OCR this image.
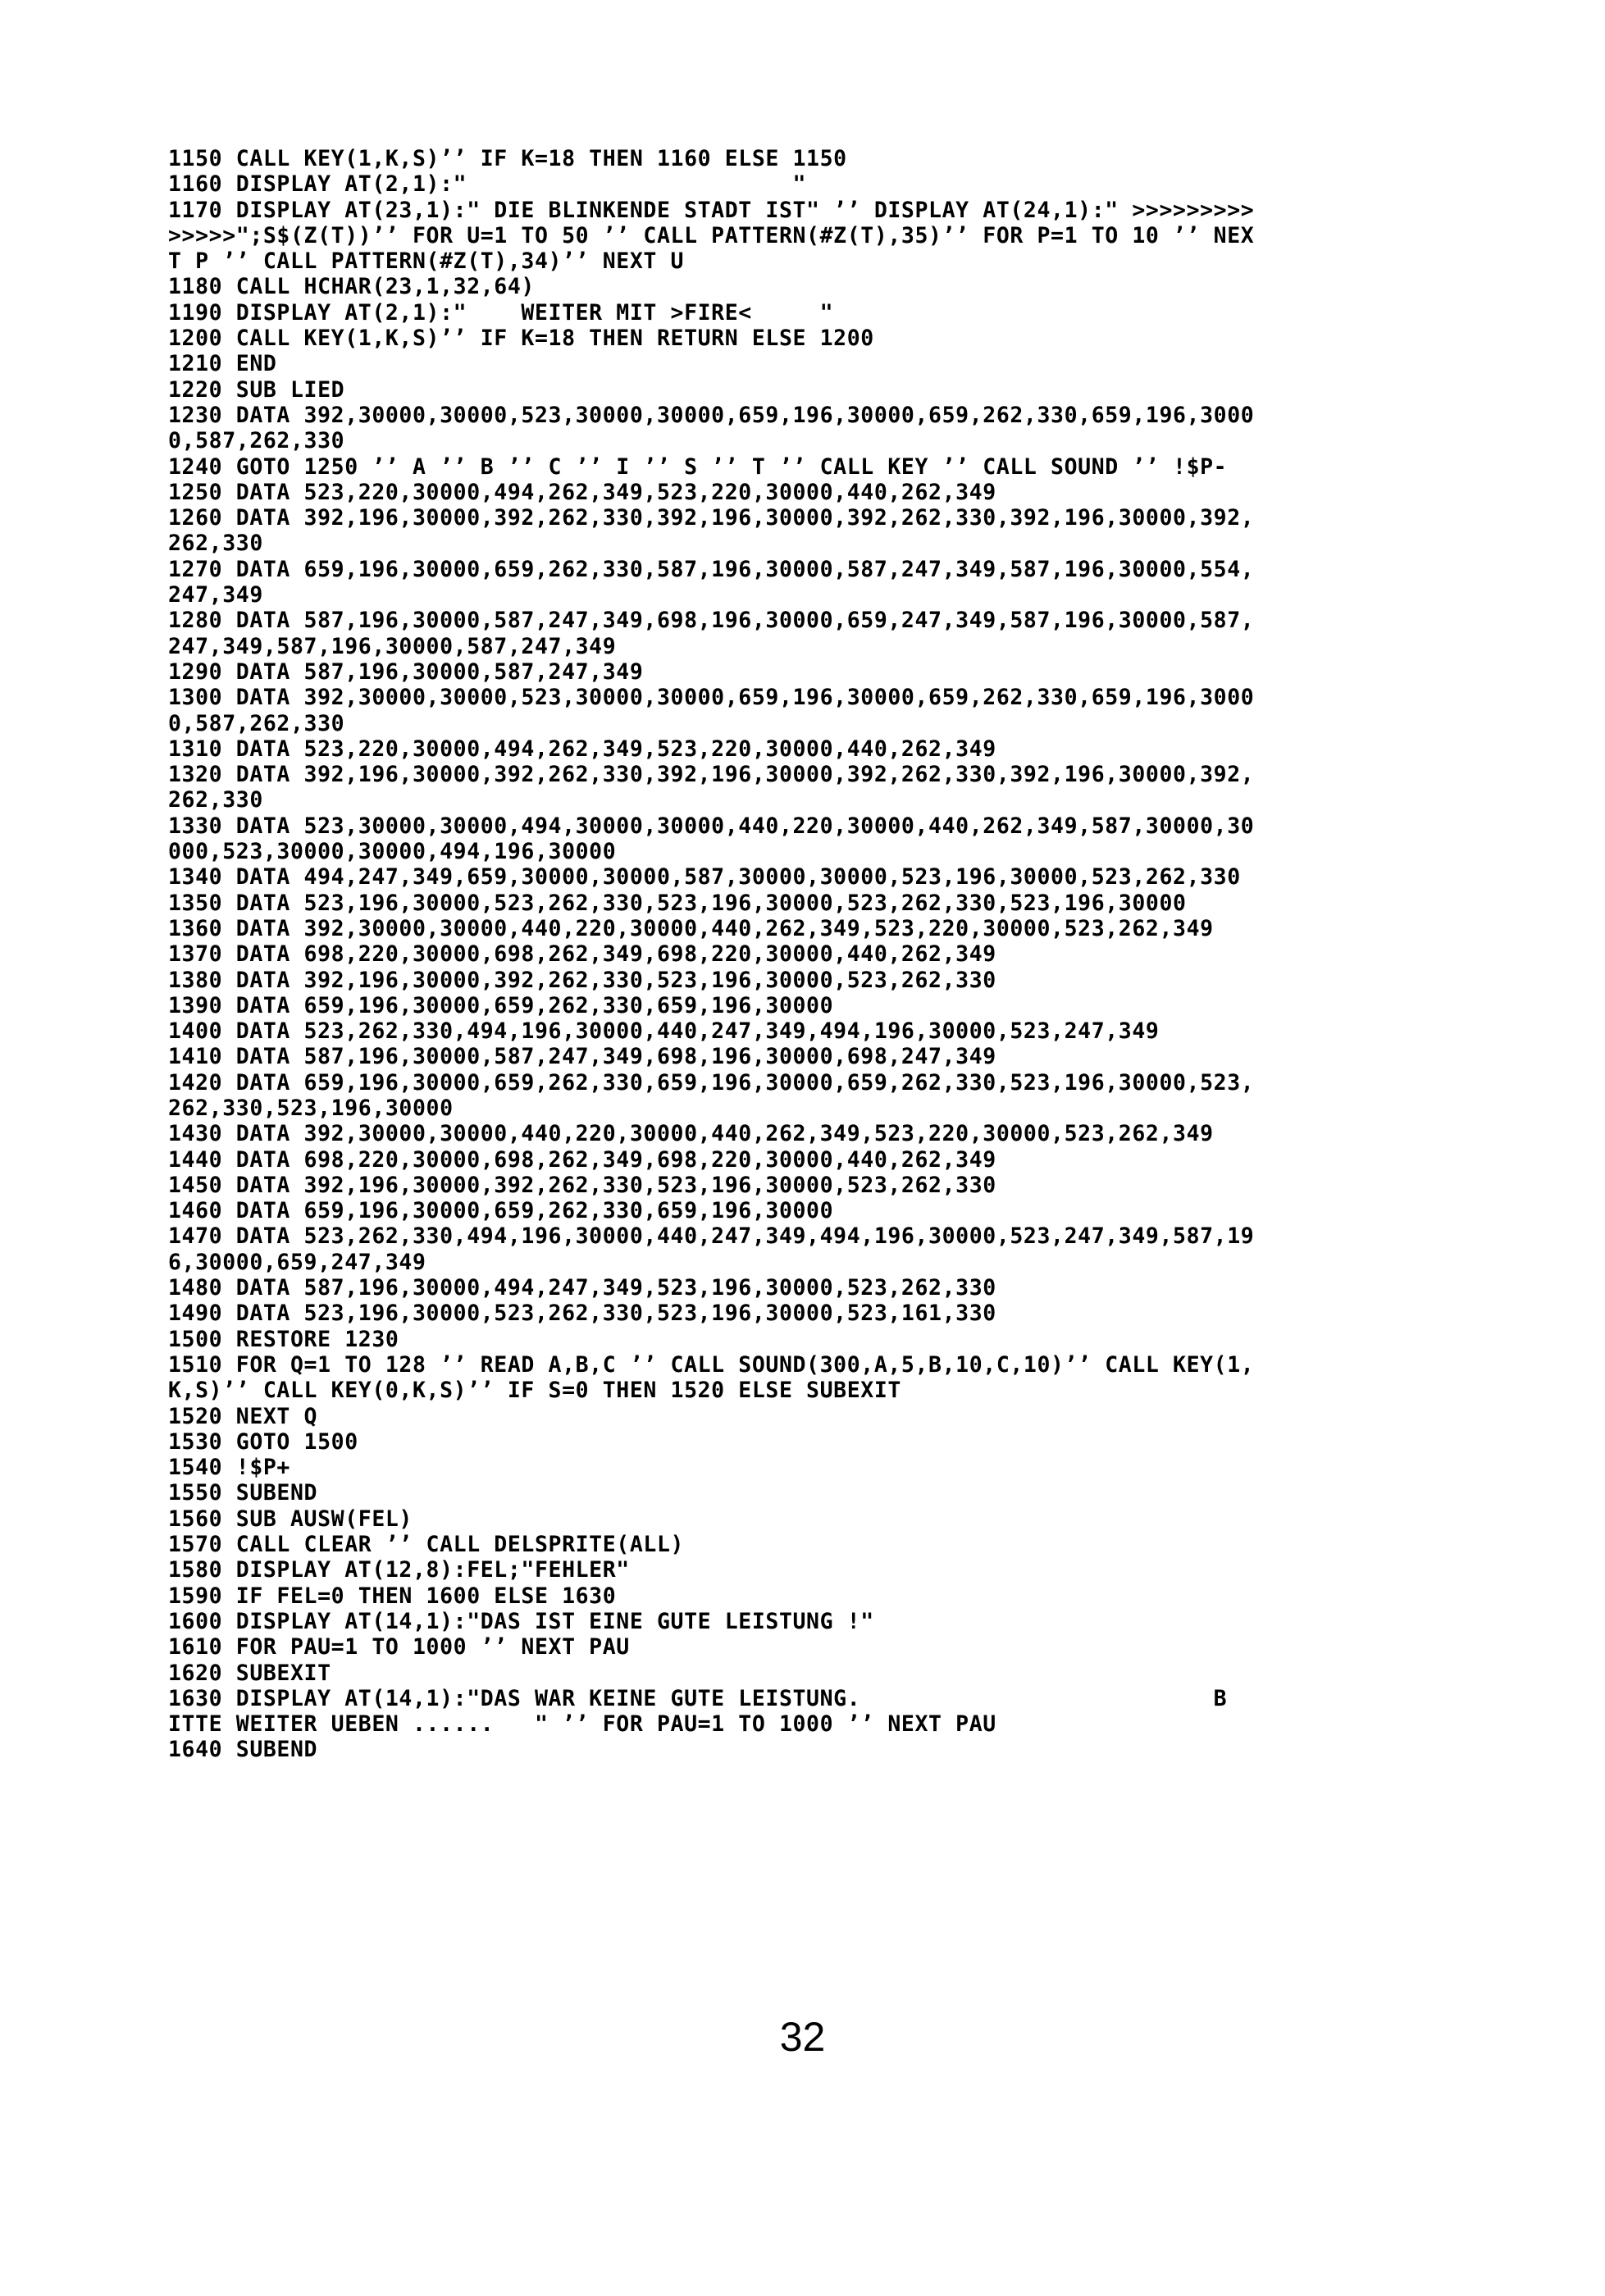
1150 CALL KEY(1,K,S)’’ IF K=18 THEN 1160 ELSE 1150
1160 DISPLAY AT(2,1):"                        "
1170 DISPLAY AT(23,1):" DIE BLINKENDE STADT IST" ’’ DISPLAY AT(24,1):" >>>>>>>>>
>>>>>";S$(Z(T))’’ FOR U=1 TO 50 ’’ CALL PATTERN(#Z(T),35)’’ FOR P=1 TO 10 ’’ NEX
T P ’’ CALL PATTERN(#Z(T),34)’’ NEXT U
1180 CALL HCHAR(23,1,32,64)
1190 DISPLAY AT(2,1):"    WEITER MIT >FIRE<     "
1200 CALL KEY(1,K,S)’’ IF K=18 THEN RETURN ELSE 1200
1210 END
1220 SUB LIED
1230 DATA 392,30000,30000,523,30000,30000,659,196,30000,659,262,330,659,196,3000
0,587,262,330
1240 GOTO 1250 ’’ A ’’ B ’’ C ’’ I ’’ S ’’ T ’’ CALL KEY ’’ CALL SOUND ’’ !$P-
1250 DATA 523,220,30000,494,262,349,523,220,30000,440,262,349
1260 DATA 392,196,30000,392,262,330,392,196,30000,392,262,330,392,196,30000,392,
262,330
1270 DATA 659,196,30000,659,262,330,587,196,30000,587,247,349,587,196,30000,554,
247,349
1280 DATA 587,196,30000,587,247,349,698,196,30000,659,247,349,587,196,30000,587,
247,349,587,196,30000,587,247,349
1290 DATA 587,196,30000,587,247,349
1300 DATA 392,30000,30000,523,30000,30000,659,196,30000,659,262,330,659,196,3000
0,587,262,330
1310 DATA 523,220,30000,494,262,349,523,220,30000,440,262,349
1320 DATA 392,196,30000,392,262,330,392,196,30000,392,262,330,392,196,30000,392,
262,330
1330 DATA 523,30000,30000,494,30000,30000,440,220,30000,440,262,349,587,30000,30
000,523,30000,30000,494,196,30000
1340 DATA 494,247,349,659,30000,30000,587,30000,30000,523,196,30000,523,262,330
1350 DATA 523,196,30000,523,262,330,523,196,30000,523,262,330,523,196,30000
1360 DATA 392,30000,30000,440,220,30000,440,262,349,523,220,30000,523,262,349
1370 DATA 698,220,30000,698,262,349,698,220,30000,440,262,349
1380 DATA 392,196,30000,392,262,330,523,196,30000,523,262,330
1390 DATA 659,196,30000,659,262,330,659,196,30000
1400 DATA 523,262,330,494,196,30000,440,247,349,494,196,30000,523,247,349
1410 DATA 587,196,30000,587,247,349,698,196,30000,698,247,349
1420 DATA 659,196,30000,659,262,330,659,196,30000,659,262,330,523,196,30000,523,
262,330,523,196,30000
1430 DATA 392,30000,30000,440,220,30000,440,262,349,523,220,30000,523,262,349
1440 DATA 698,220,30000,698,262,349,698,220,30000,440,262,349
1450 DATA 392,196,30000,392,262,330,523,196,30000,523,262,330
1460 DATA 659,196,30000,659,262,330,659,196,30000
1470 DATA 523,262,330,494,196,30000,440,247,349,494,196,30000,523,247,349,587,19
6,30000,659,247,349
1480 DATA 587,196,30000,494,247,349,523,196,30000,523,262,330
1490 DATA 523,196,30000,523,262,330,523,196,30000,523,161,330
1500 RESTORE 1230
1510 FOR Q=1 TO 128 ’’ READ A,B,C ’’ CALL SOUND(300,A,5,B,10,C,10)’’ CALL KEY(1,
K,S)’’ CALL KEY(0,K,S)’’ IF S=0 THEN 1520 ELSE SUBEXIT
1520 NEXT Q
1530 GOTO 1500
1540 !$P+
1550 SUBEND
1560 SUB AUSW(FEL)
1570 CALL CLEAR ’’ CALL DELSPRITE(ALL)
1580 DISPLAY AT(12,8):FEL;"FEHLER"
1590 IF FEL=0 THEN 1600 ELSE 1630
1600 DISPLAY AT(14,1):"DAS IST EINE GUTE LEISTUNG !"
1610 FOR PAU=1 TO 1000 ’’ NEXT PAU
1620 SUBEXIT
1630 DISPLAY AT(14,1):"DAS WAR KEINE GUTE LEISTUNG.                          B
ITTE WEITER UEBEN ......   " ’’ FOR PAU=1 TO 1000 ’’ NEXT PAU
1640 SUBEND
32
